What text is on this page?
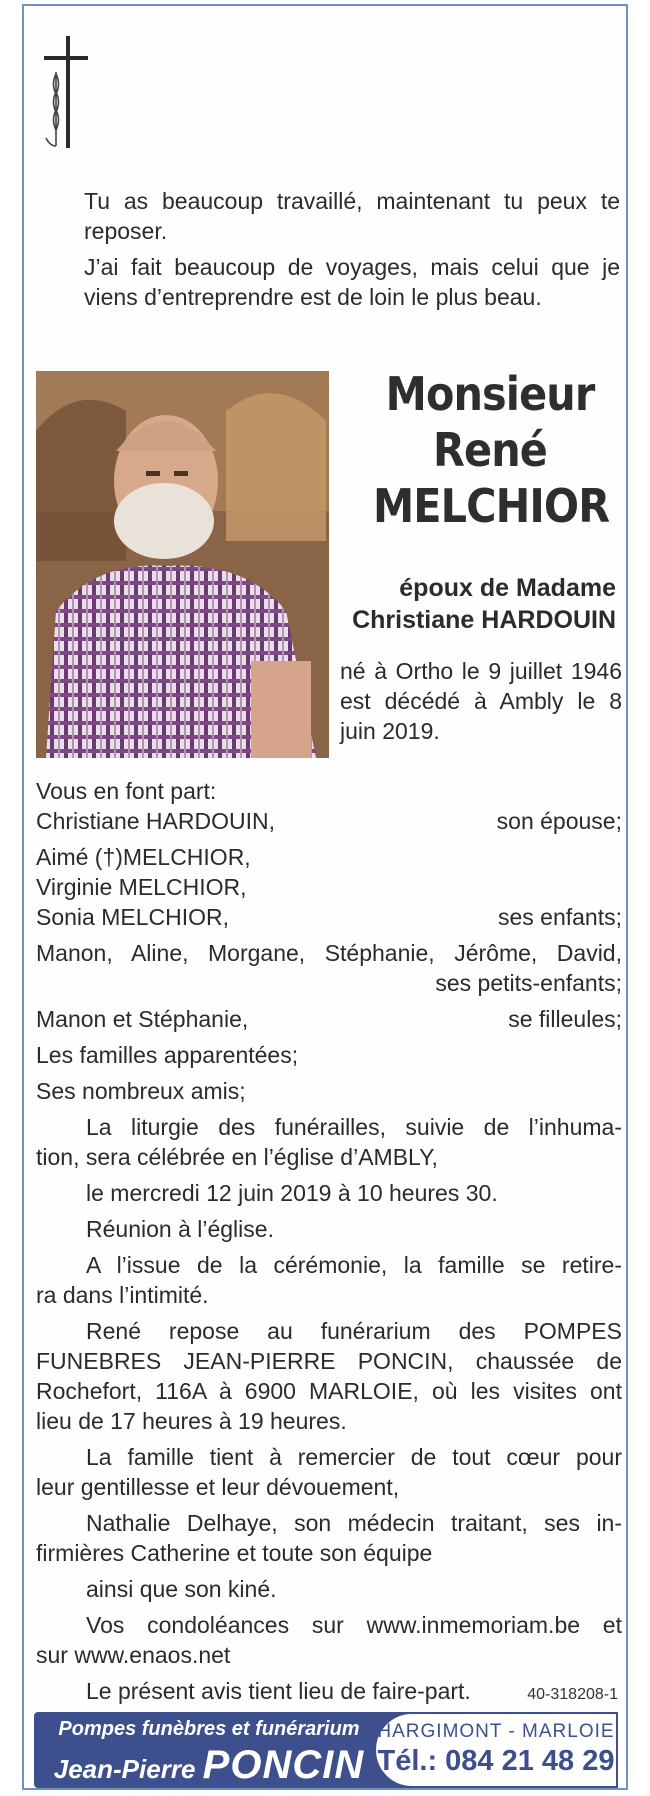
Tu as beaucoup travaillé, maintenant tu peux te reposer.

J’ai fait beaucoup de voyages, mais celui que je viens d’entreprendre est de loin le plus beau.

Monsieur
René
MELCHIOR
époux de Madame
Christiane HARDOUIN
né à Ortho le 9 juillet 1946 est décédé à Ambly le 8 juin 2019.
Vous en font part:
Christiane HARDOUIN,	son épouse;
Aimé (†)MELCHIOR,
Virginie MELCHIOR,
Sonia MELCHIOR,	ses enfants;
Manon, Aline, Morgane, Stéphanie, Jérôme, David,
ses petits-enfants;
Manon et Stéphanie,	se filleules;
Les familles apparentées;
Ses nombreux amis;
La liturgie des funérailles, suivie de l’inhuma-
tion, sera célébrée en l’église d’AMBLY,
le mercredi 12 juin 2019 à 10 heures 30.
Réunion à l’église.
A l’issue de la cérémonie, la famille se retire-
ra dans l’intimité.
René repose au funérarium des POMPES
FUNEBRES JEAN-PIERRE PONCIN, chaussée de
Rochefort, 116A à 6900 MARLOIE, où les visites ont
lieu de 17 heures à 19 heures.
La famille tient à remercier de tout cœur pour
leur gentillesse et leur dévouement,
Nathalie Delhaye, son médecin traitant, ses in-
firmières Catherine et toute son équipe
ainsi que son kiné.
Vos condoléances sur www.inmemoriam.be et
sur www.enaos.net
Le présent avis tient lieu de faire-part.	40-318208-1
Pompes funèbres et funérarium
Jean-Pierre PONCIN
HARGIMONT - MARLOIE
Tél.: 084 21 48 29
